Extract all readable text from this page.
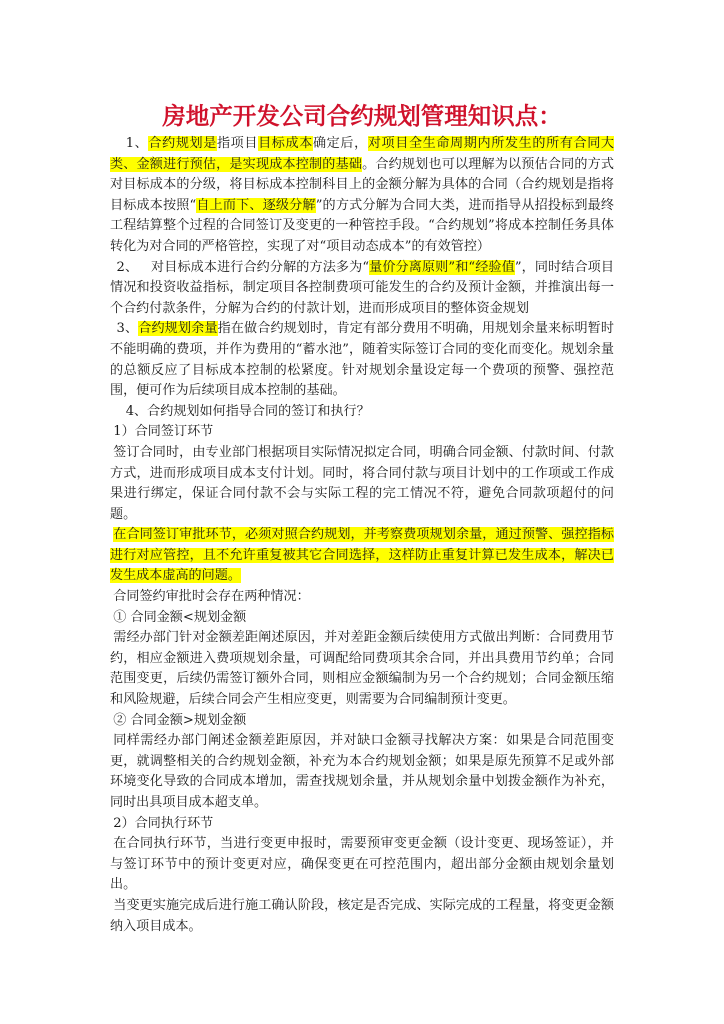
房地产开发公司合约规划管理知识点：

1、合约规划是指项目目标成本确定后，对项目全生命周期内所发生的所有合同大类、金额进行预估，是实现成本控制的基础。合约规划也可以理解为以预估合同的方式对目标成本的分级，将目标成本控制科目上的金额分解为具体的合同（合约规划是指将目标成本按照“自上而下、逐级分解”的方式分解为合同大类，进而指导从招投标到最终工程结算整个过程的合同签订及变更的一种管控手段。“合约规划”将成本控制任务具体转化为对合同的严格管控，实现了对“项目动态成本”的有效管控）

2、 对目标成本进行合约分解的方法多为“量价分离原则”和“经验值”，同时结合项目情况和投资收益指标，制定项目各控制费项可能发生的合约及预计金额，并推演出每一个合约付款条件，分解为合约的付款计划，进而形成项目的整体资金规划

3、合约规划余量指在做合约规划时，肯定有部分费用不明确，用规划余量来标明暂时不能明确的费项，并作为费用的“蓄水池”，随着实际签订合同的变化而变化。规划余量的总额反应了目标成本控制的松紧度。针对规划余量设定每一个费项的预警、强控范围，便可作为后续项目成本控制的基础。

4、合约规划如何指导合同的签订和执行？

1）合同签订环节

签订合同时，由专业部门根据项目实际情况拟定合同，明确合同金额、付款时间、付款方式，进而形成项目成本支付计划。同时，将合同付款与项目计划中的工作项或工作成果进行绑定，保证合同付款不会与实际工程的完工情况不符，避免合同款项超付的问题。

在合同签订审批环节，必须对照合约规划，并考察费项规划余量，通过预警、强控指标进行对应管控，且不允许重复被其它合同选择，这样防止重复计算已发生成本，解决已发生成本虚高的问题。

合同签约审批时会存在两种情况：

① 合同金额<规划金额

需经办部门针对金额差距阐述原因，并对差距金额后续使用方式做出判断：合同费用节约，相应金额进入费项规划余量，可调配给同费项其余合同，并出具费用节约单；合同范围变更，后续仍需签订额外合同，则相应金额编制为另一个合约规划；合同金额压缩和风险规避，后续合同会产生相应变更，则需要为合同编制预计变更。

② 合同金额>规划金额

同样需经办部门阐述金额差距原因，并对缺口金额寻找解决方案：如果是合同范围变更，就调整相关的合约规划金额，补充为本合约规划金额；如果是原先预算不足或外部环境变化导致的合同成本增加，需查找规划余量，并从规划余量中划拨金额作为补充，同时出具项目成本超支单。

2）合同执行环节

在合同执行环节，当进行变更申报时，需要预审变更金额（设计变更、现场签证），并与签订环节中的预计变更对应，确保变更在可控范围内，超出部分金额由规划余量划出。

当变更实施完成后进行施工确认阶段，核定是否完成、实际完成的工程量，将变更金额纳入项目成本。
